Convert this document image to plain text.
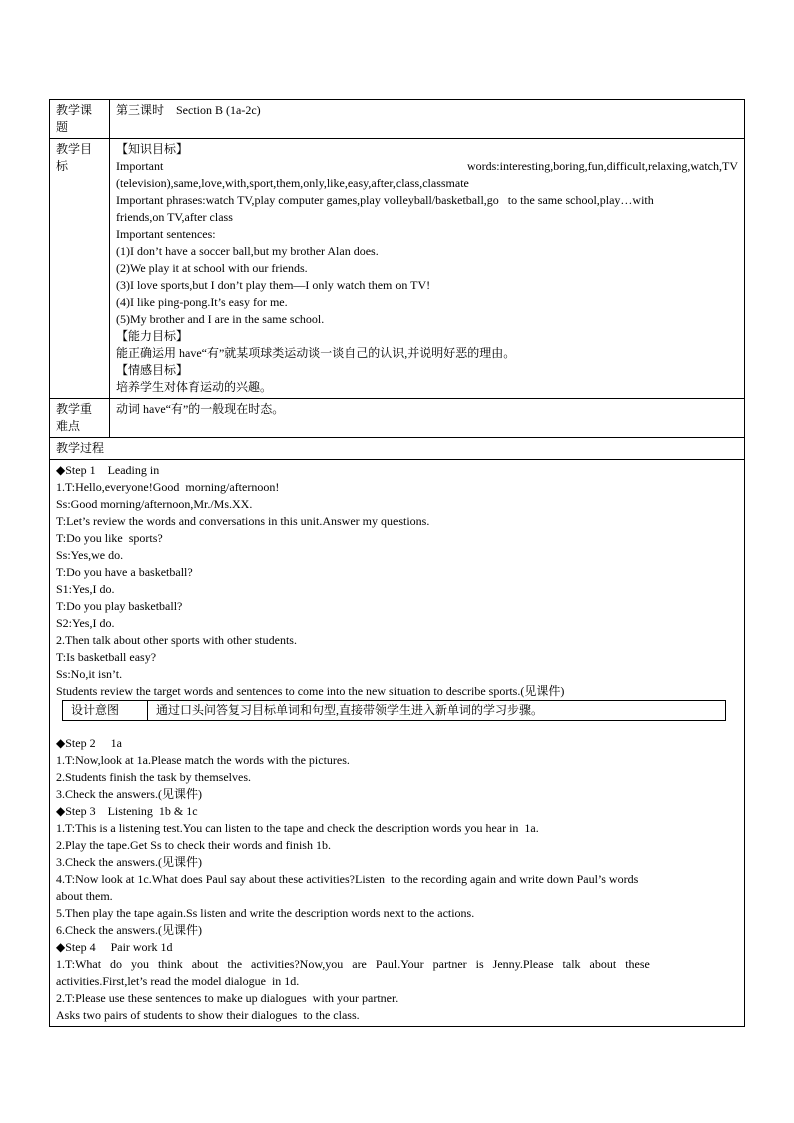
教学课题	第三课时    Section B (1a-2c)
教学目标	
【知识目标】
Important	words:interesting,boring,fun,difficult,relaxing,watch,TV
(television),same,love,with,sport,them,only,like,easy,after,class,classmate
Important phrases:watch TV,play computer games,play volleyball/basketball,go   to the same school,play…with
friends,on TV,after class
Important sentences:
(1)I don’t have a soccer ball,but my brother Alan does.
(2)We play it at school with our friends.
(3)I love sports,but I don’t play them—I only watch them on TV!
(4)I like ping-pong.It’s easy for me.
(5)My brother and I are in the same school.
【能力目标】
能正确运用 have“有”就某项球类运动谈一谈自己的认识,并说明好恶的理由。
【情感目标】
培养学生对体育运动的兴趣。

教学重难点	动词 have“有”的一般现在时态。
教学过程

◆Step 1    Leading in
1.T:Hello,everyone!Good  morning/afternoon!
Ss:Good morning/afternoon,Mr./Ms.XX.
T:Let’s review the words and conversations in this unit.Answer my questions.
T:Do you like  sports?
Ss:Yes,we do.
T:Do you have a basketball?
S1:Yes,I do.
T:Do you play basketball?
S2:Yes,I do.
2.Then talk about other sports with other students.
T:Is basketball easy?
Ss:No,it isn’t.
Students review the target words and sentences to come into the new situation to describe sports.(见课件)
设计意图	通过口头问答复习目标单词和句型,直接带领学生进入新单词的学习步骤。
◆Step 2     1a
1.T:Now,look at 1a.Please match the words with the pictures.
2.Students finish the task by themselves.
3.Check the answers.(见课件)
◆Step 3    Listening  1b & 1c
1.T:This is a listening test.You can listen to the tape and check the description words you hear in  1a.
2.Play the tape.Get Ss to check their words and finish 1b.
3.Check the answers.(见课件)
4.T:Now look at 1c.What does Paul say about these activities?Listen  to the recording again and write down Paul’s words
about them.
5.Then play the tape again.Ss listen and write the description words next to the actions.
6.Check the answers.(见课件)
◆Step 4     Pair work 1d
1.T:What   do   you   think   about   the   activities?Now,you   are   Paul.Your   partner   is   Jenny.Please   talk   about   these
activities.First,let’s read the model dialogue  in 1d.
2.T:Please use these sentences to make up dialogues  with your partner.
Asks two pairs of students to show their dialogues  to the class.
